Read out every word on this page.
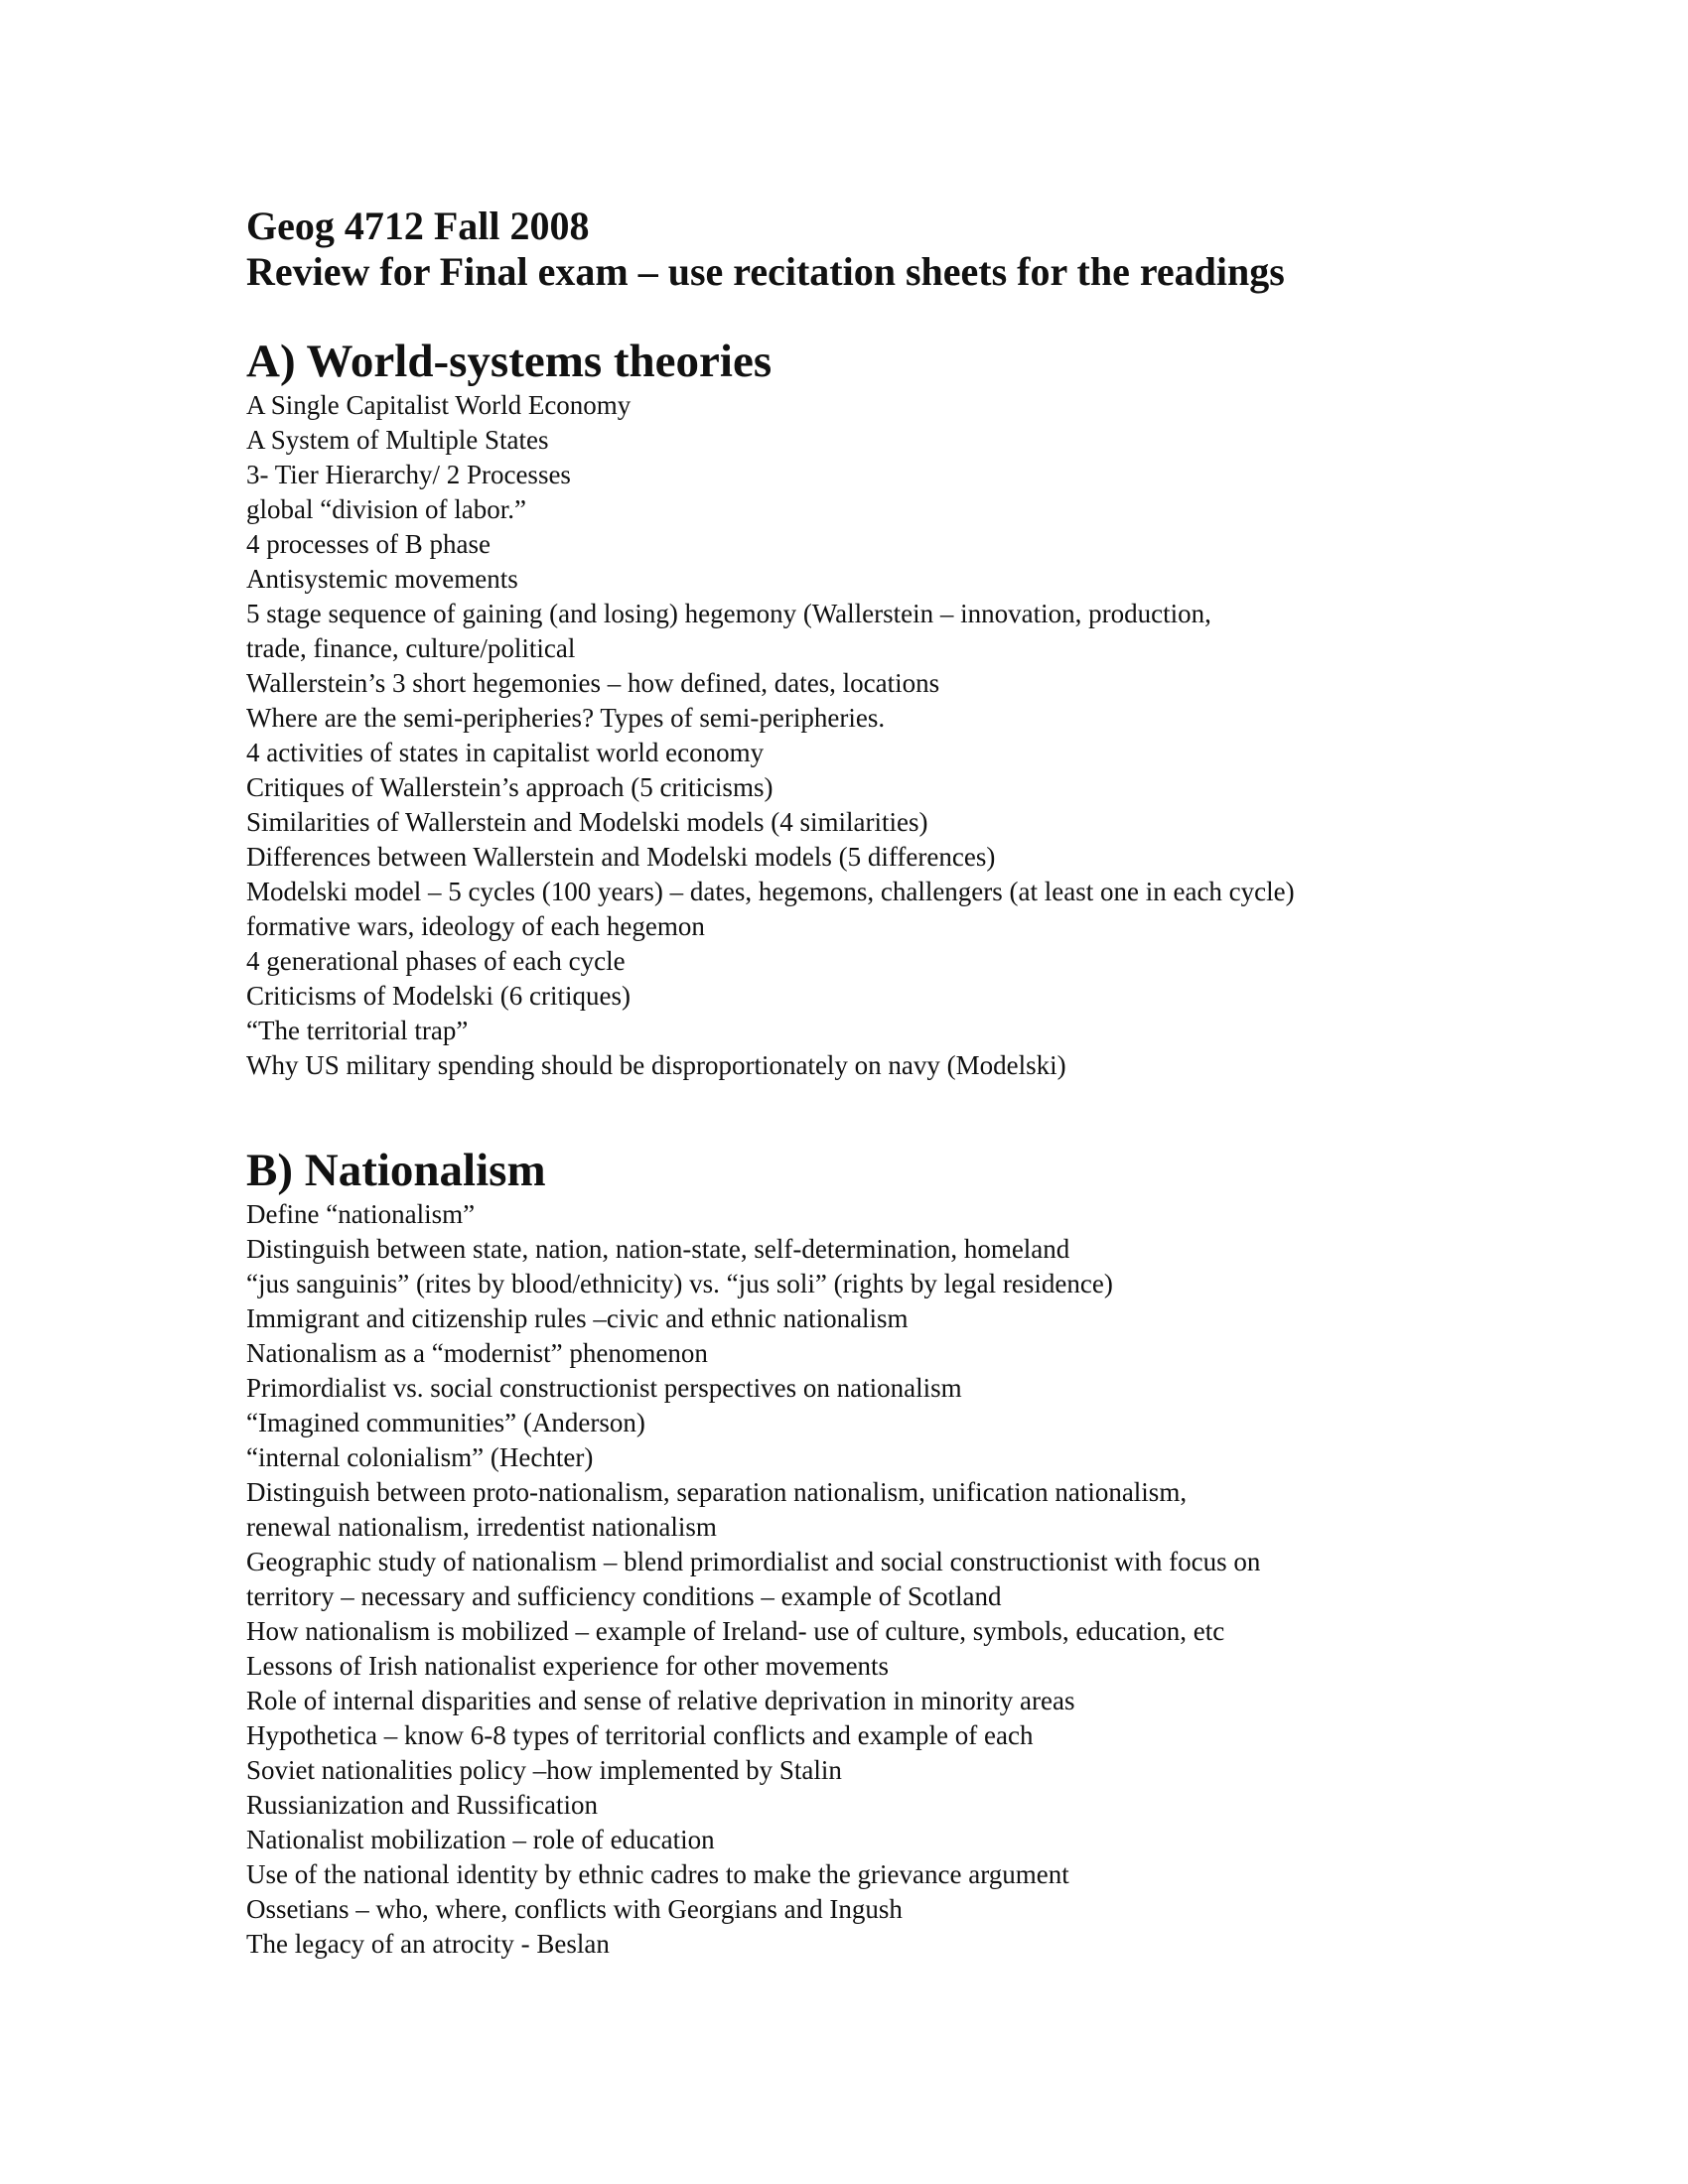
Geog 4712 Fall 2008
Review for Final exam – use recitation sheets for the readings
A) World-systems theories
A Single Capitalist World Economy
A System of Multiple States
3- Tier Hierarchy/ 2 Processes
global “division of labor.”
4 processes of B phase
Antisystemic movements
5 stage sequence of gaining (and losing) hegemony (Wallerstein – innovation, production,
trade, finance, culture/political
Wallerstein’s 3 short hegemonies – how defined, dates, locations
Where are the semi-peripheries? Types of semi-peripheries.
4 activities of states in capitalist world economy
Critiques of Wallerstein’s approach (5 criticisms)
Similarities of Wallerstein and Modelski models (4 similarities)
Differences between Wallerstein and Modelski models (5 differences)
Modelski model – 5 cycles (100 years) – dates, hegemons, challengers (at least one in each cycle)
formative wars, ideology of each hegemon
4 generational phases of each cycle
Criticisms of Modelski (6 critiques)
“The territorial trap”
Why US military spending should be disproportionately on navy (Modelski)
B) Nationalism
Define “nationalism”
Distinguish between state, nation, nation-state, self-determination, homeland
“jus sanguinis” (rites by blood/ethnicity) vs. “jus soli” (rights by legal residence)
Immigrant and citizenship rules –civic and ethnic nationalism
Nationalism as a “modernist” phenomenon
Primordialist vs. social constructionist perspectives on nationalism
“Imagined communities” (Anderson)
“internal colonialism” (Hechter)
Distinguish between proto-nationalism, separation nationalism, unification nationalism,
renewal nationalism, irredentist nationalism
Geographic study of nationalism – blend primordialist and social constructionist with focus on
territory – necessary and sufficiency conditions – example of Scotland
How nationalism is mobilized – example of Ireland- use of culture, symbols, education, etc
Lessons of Irish nationalist experience for other movements
Role of internal disparities and sense of relative deprivation in minority areas
Hypothetica – know 6-8 types of territorial conflicts and example of each
Soviet nationalities policy –how implemented by Stalin
Russianization and Russification
Nationalist mobilization – role of education
Use of the national identity by ethnic cadres to make the grievance argument
Ossetians – who, where, conflicts with Georgians and Ingush
The legacy of an atrocity - Beslan
